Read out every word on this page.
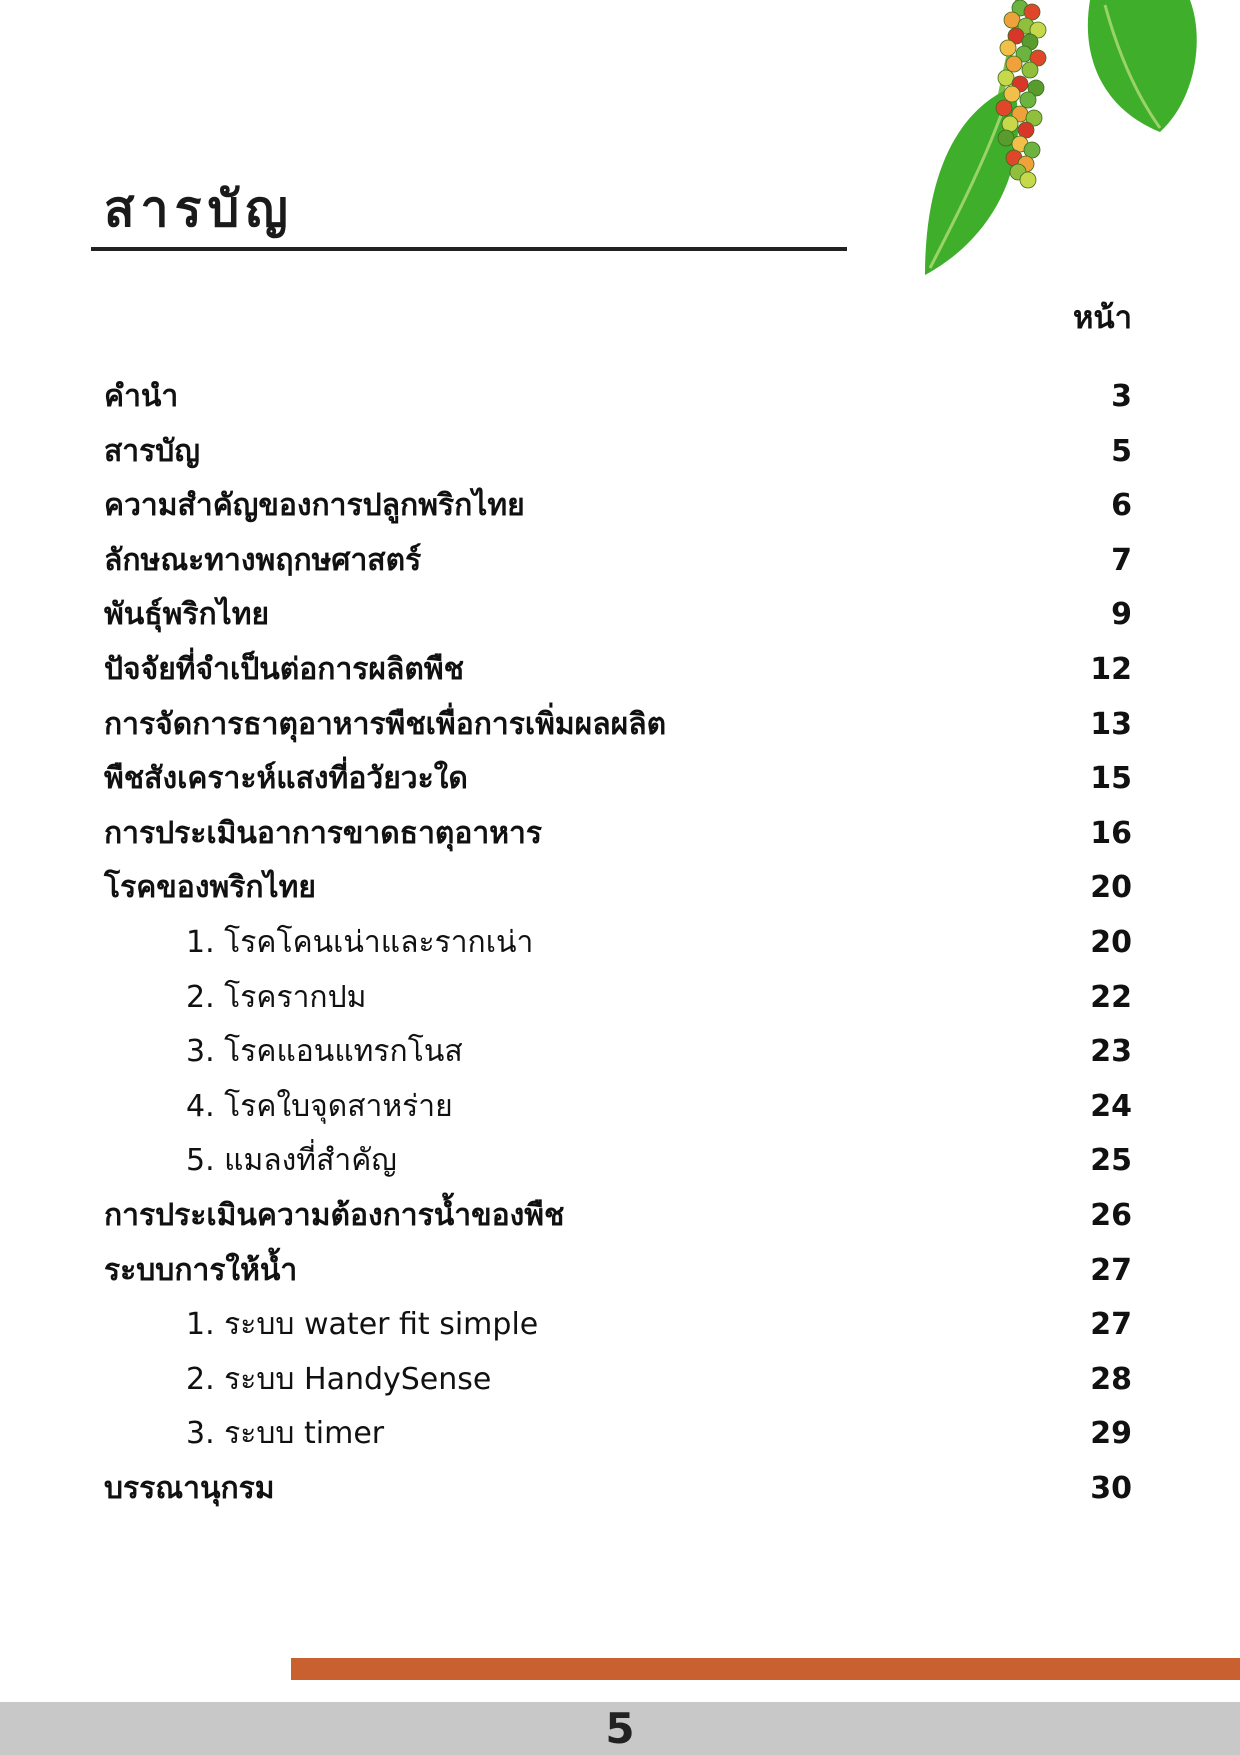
สารบัญ
หน้า
คำนำ	3
สารบัญ	5
ความสำคัญของการปลูกพริกไทย	6
ลักษณะทางพฤกษศาสตร์	7
พันธุ์พริกไทย	9
ปัจจัยที่จำเป็นต่อการผลิตพืช	12
การจัดการธาตุอาหารพืชเพื่อการเพิ่มผลผลิต	13
พืชสังเคราะห์แสงที่อวัยวะใด	15
การประเมินอาการขาดธาตุอาหาร	16
โรคของพริกไทย	20
1. โรคโคนเน่าและรากเน่า	20
2. โรครากปม	22
3. โรคแอนแทรกโนส	23
4. โรคใบจุดสาหร่าย	24
5. แมลงที่สำคัญ	25
การประเมินความต้องการน้ำของพืช	26
ระบบการให้น้ำ	27
1. ระบบ water fit simple	27
2. ระบบ HandySense	28
3. ระบบ timer	29
บรรณานุกรม	30
5
